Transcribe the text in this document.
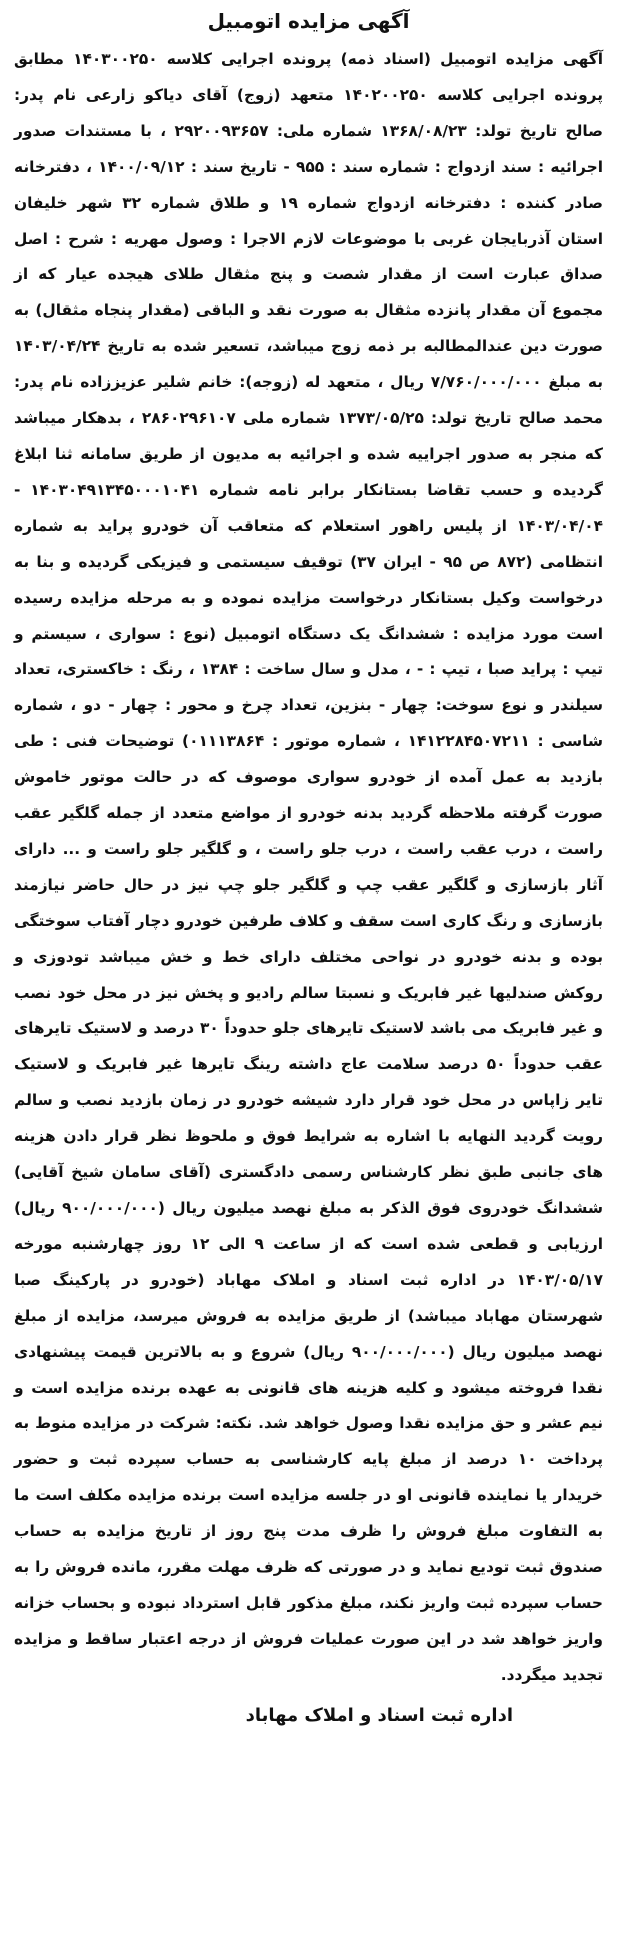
آگهی مزایده اتومبیل

آگهی مزایده اتومبیل (اسناد ذمه) پرونده اجرایی کلاسه ۱۴۰۳۰۰۲۵۰ مطابق پرونده اجرایی کلاسه ۱۴۰۲۰۰۲۵۰ متعهد (زوج) آقای دیاکو زارعی نام پدر: صالح تاریخ تولد: ۱۳۶۸/۰۸/۲۳ شماره ملی: ۲۹۲۰۰۹۳۶۵۷ ، با مستندات صدور اجرائیه : سند ازدواج : شماره سند : ۹۵۵ - تاریخ سند : ۱۴۰۰/۰۹/۱۲ ، دفترخانه صادر کننده : دفترخانه ازدواج شماره ۱۹ و طلاق شماره ۳۲ شهر خلیفان استان آذربایجان غربی با موضوعات لازم الاجرا : وصول مهریه : شرح : اصل صداق عبارت است از مقدار شصت و پنج مثقال طلای هیجده عیار که از مجموع آن مقدار پانزده مثقال به صورت نقد و الباقی (مقدار پنجاه مثقال) به صورت دین عندالمطالبه بر ذمه زوج میباشد، تسعیر شده به تاریخ ۱۴۰۳/۰۴/۲۴ به مبلغ ۷/۷۶۰/۰۰۰/۰۰۰ ریال ، متعهد له (زوجه): خانم شلیر عزیززاده نام پدر: محمد صالح تاریخ تولد: ۱۳۷۳/۰۵/۲۵ شماره ملی ۲۸۶۰۲۹۶۱۰۷ ، بدهکار میباشد که منجر به صدور اجراییه شده و اجرائیه به مدیون از طریق سامانه ثنا ابلاغ گردیده و حسب تقاضا بستانکار برابر نامه شماره ۱۴۰۳۰۴۹۱۳۴۵۰۰۰۱۰۴۱ - ۱۴۰۳/۰۴/۰۴ از پلیس راهور استعلام که متعاقب آن خودرو پراید به شماره انتظامی (۸۷۲ ص ۹۵ - ایران ۳۷) توقیف سیستمی و فیزیکی گردیده و بنا به درخواست وکیل بستانکار درخواست مزایده نموده و به مرحله مزایده رسیده است مورد مزایده : ششدانگ یک دستگاه اتومبیل (نوع : سواری ، سیستم و تیپ : پراید صبا ، تیپ : - ، مدل و سال ساخت : ۱۳۸۴ ، رنگ : خاکستری، تعداد سیلندر و نوع سوخت: چهار - بنزین، تعداد چرخ و محور : چهار - دو ، شماره شاسی : ۱۴۱۲۲۸۴۵۰۷۲۱۱ ، شماره موتور : ۰۱۱۱۳۸۶۴) توضیحات فنی : طی بازدید به عمل آمده از خودرو سواری موصوف که در حالت موتور خاموش صورت گرفته ملاحظه گردید بدنه خودرو از مواضع متعدد از جمله گلگیر عقب راست ، درب عقب راست ، درب جلو راست ، و گلگیر جلو راست و ... دارای آثار بازسازی و گلگیر عقب چپ و گلگیر جلو چپ نیز در حال حاضر نیازمند بازسازی و رنگ کاری است سقف و کلاف طرفین خودرو دچار آفتاب سوختگی بوده و بدنه خودرو در نواحی مختلف دارای خط و خش میباشد تودوزی و روکش صندلیها غیر فابریک و نسبتا سالم رادیو و پخش نیز در محل خود نصب و غیر فابریک می باشد لاستیک تایرهای جلو حدوداً ۳۰ درصد و لاستیک تایرهای عقب حدوداً ۵۰ درصد سلامت عاج داشته رینگ تایرها غیر فابریک و لاستیک تایر زاپاس در محل خود قرار دارد شیشه خودرو در زمان بازدید نصب و سالم رویت گردید النهایه با اشاره به شرایط فوق و ملحوظ نظر قرار دادن هزینه های جانبی طبق نظر کارشناس رسمی دادگستری (آقای سامان شیخ آقایی) ششدانگ خودروی فوق الذکر به مبلغ نهصد میلیون ریال (۹۰۰/۰۰۰/۰۰۰ ریال) ارزیابی و قطعی شده است که از ساعت ۹ الی ۱۲ روز چهارشنبه مورخه ۱۴۰۳/۰۵/۱۷ در اداره ثبت اسناد و املاک مهاباد (خودرو در پارکینگ صبا شهرستان مهاباد میباشد) از طریق مزایده به فروش میرسد، مزایده از مبلغ نهصد میلیون ریال (۹۰۰/۰۰۰/۰۰۰ ریال) شروع و به بالاترین قیمت پیشنهادی نقدا فروخته میشود و کلیه هزینه های قانونی به عهده برنده مزایده است و نیم عشر و حق مزایده نقدا وصول خواهد شد. نکته: شرکت در مزایده منوط به پرداخت ۱۰ درصد از مبلغ پایه کارشناسی به حساب سپرده ثبت و حضور خریدار یا نماینده قانونی او در جلسه مزایده است برنده مزایده مکلف است ما به التفاوت مبلغ فروش را ظرف مدت پنج روز از تاریخ مزایده به حساب صندوق ثبت تودیع نماید و در صورتی که ظرف مهلت مقرر، مانده فروش را به حساب سپرده ثبت واریز نکند، مبلغ مذکور قابل استرداد نبوده و بحساب خزانه واریز خواهد شد در این صورت عملیات فروش از درجه اعتبار ساقط و مزایده تجدید میگردد.

اداره ثبت اسناد و املاک مهاباد
